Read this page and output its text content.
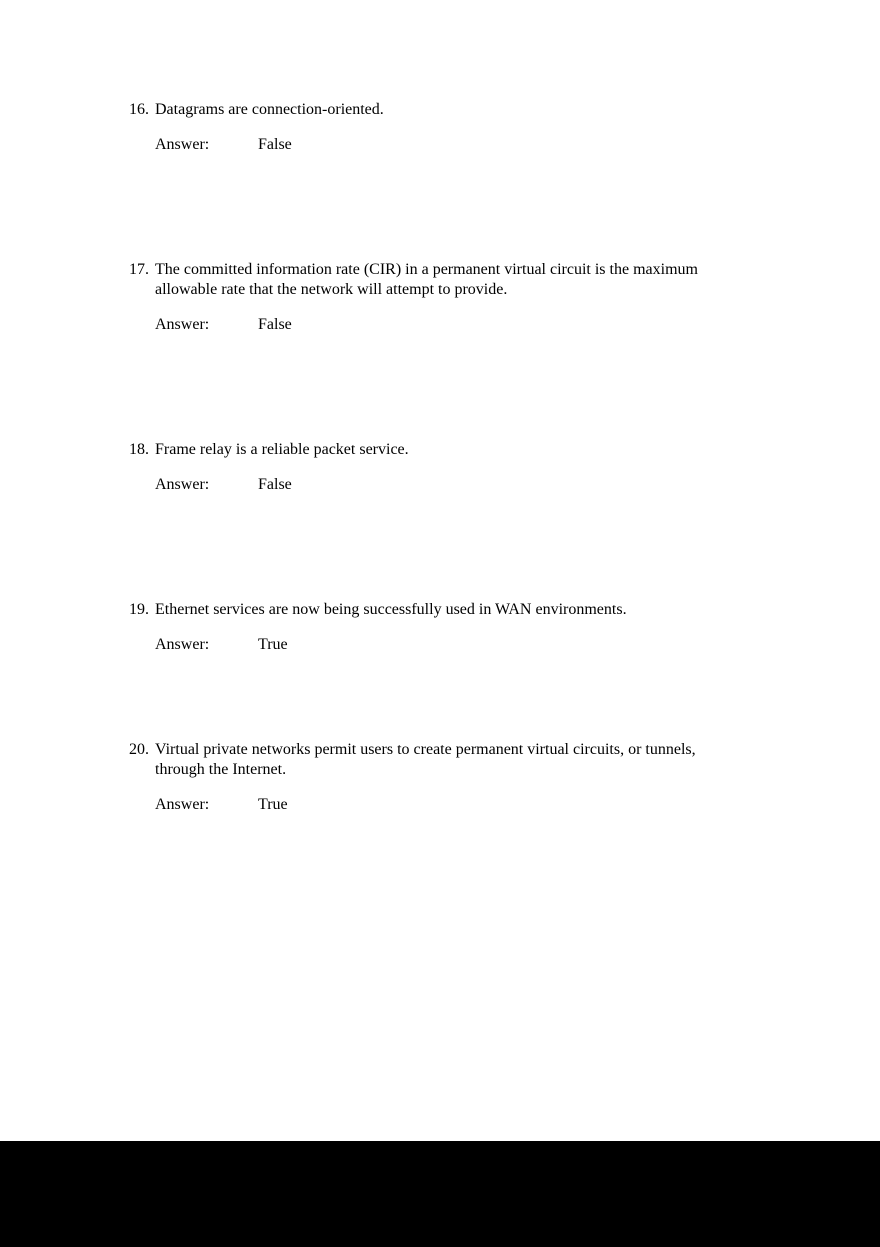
16. Datagrams are connection-oriented.
Answer:	False
17. The committed information rate (CIR) in a permanent virtual circuit is the maximum allowable rate that the network will attempt to provide.
Answer:	False
18. Frame relay is a reliable packet service.
Answer:	False
19. Ethernet services are now being successfully used in WAN environments.
Answer:	True
20. Virtual private networks permit users to create permanent virtual circuits, or tunnels, through the Internet.
Answer:	True
